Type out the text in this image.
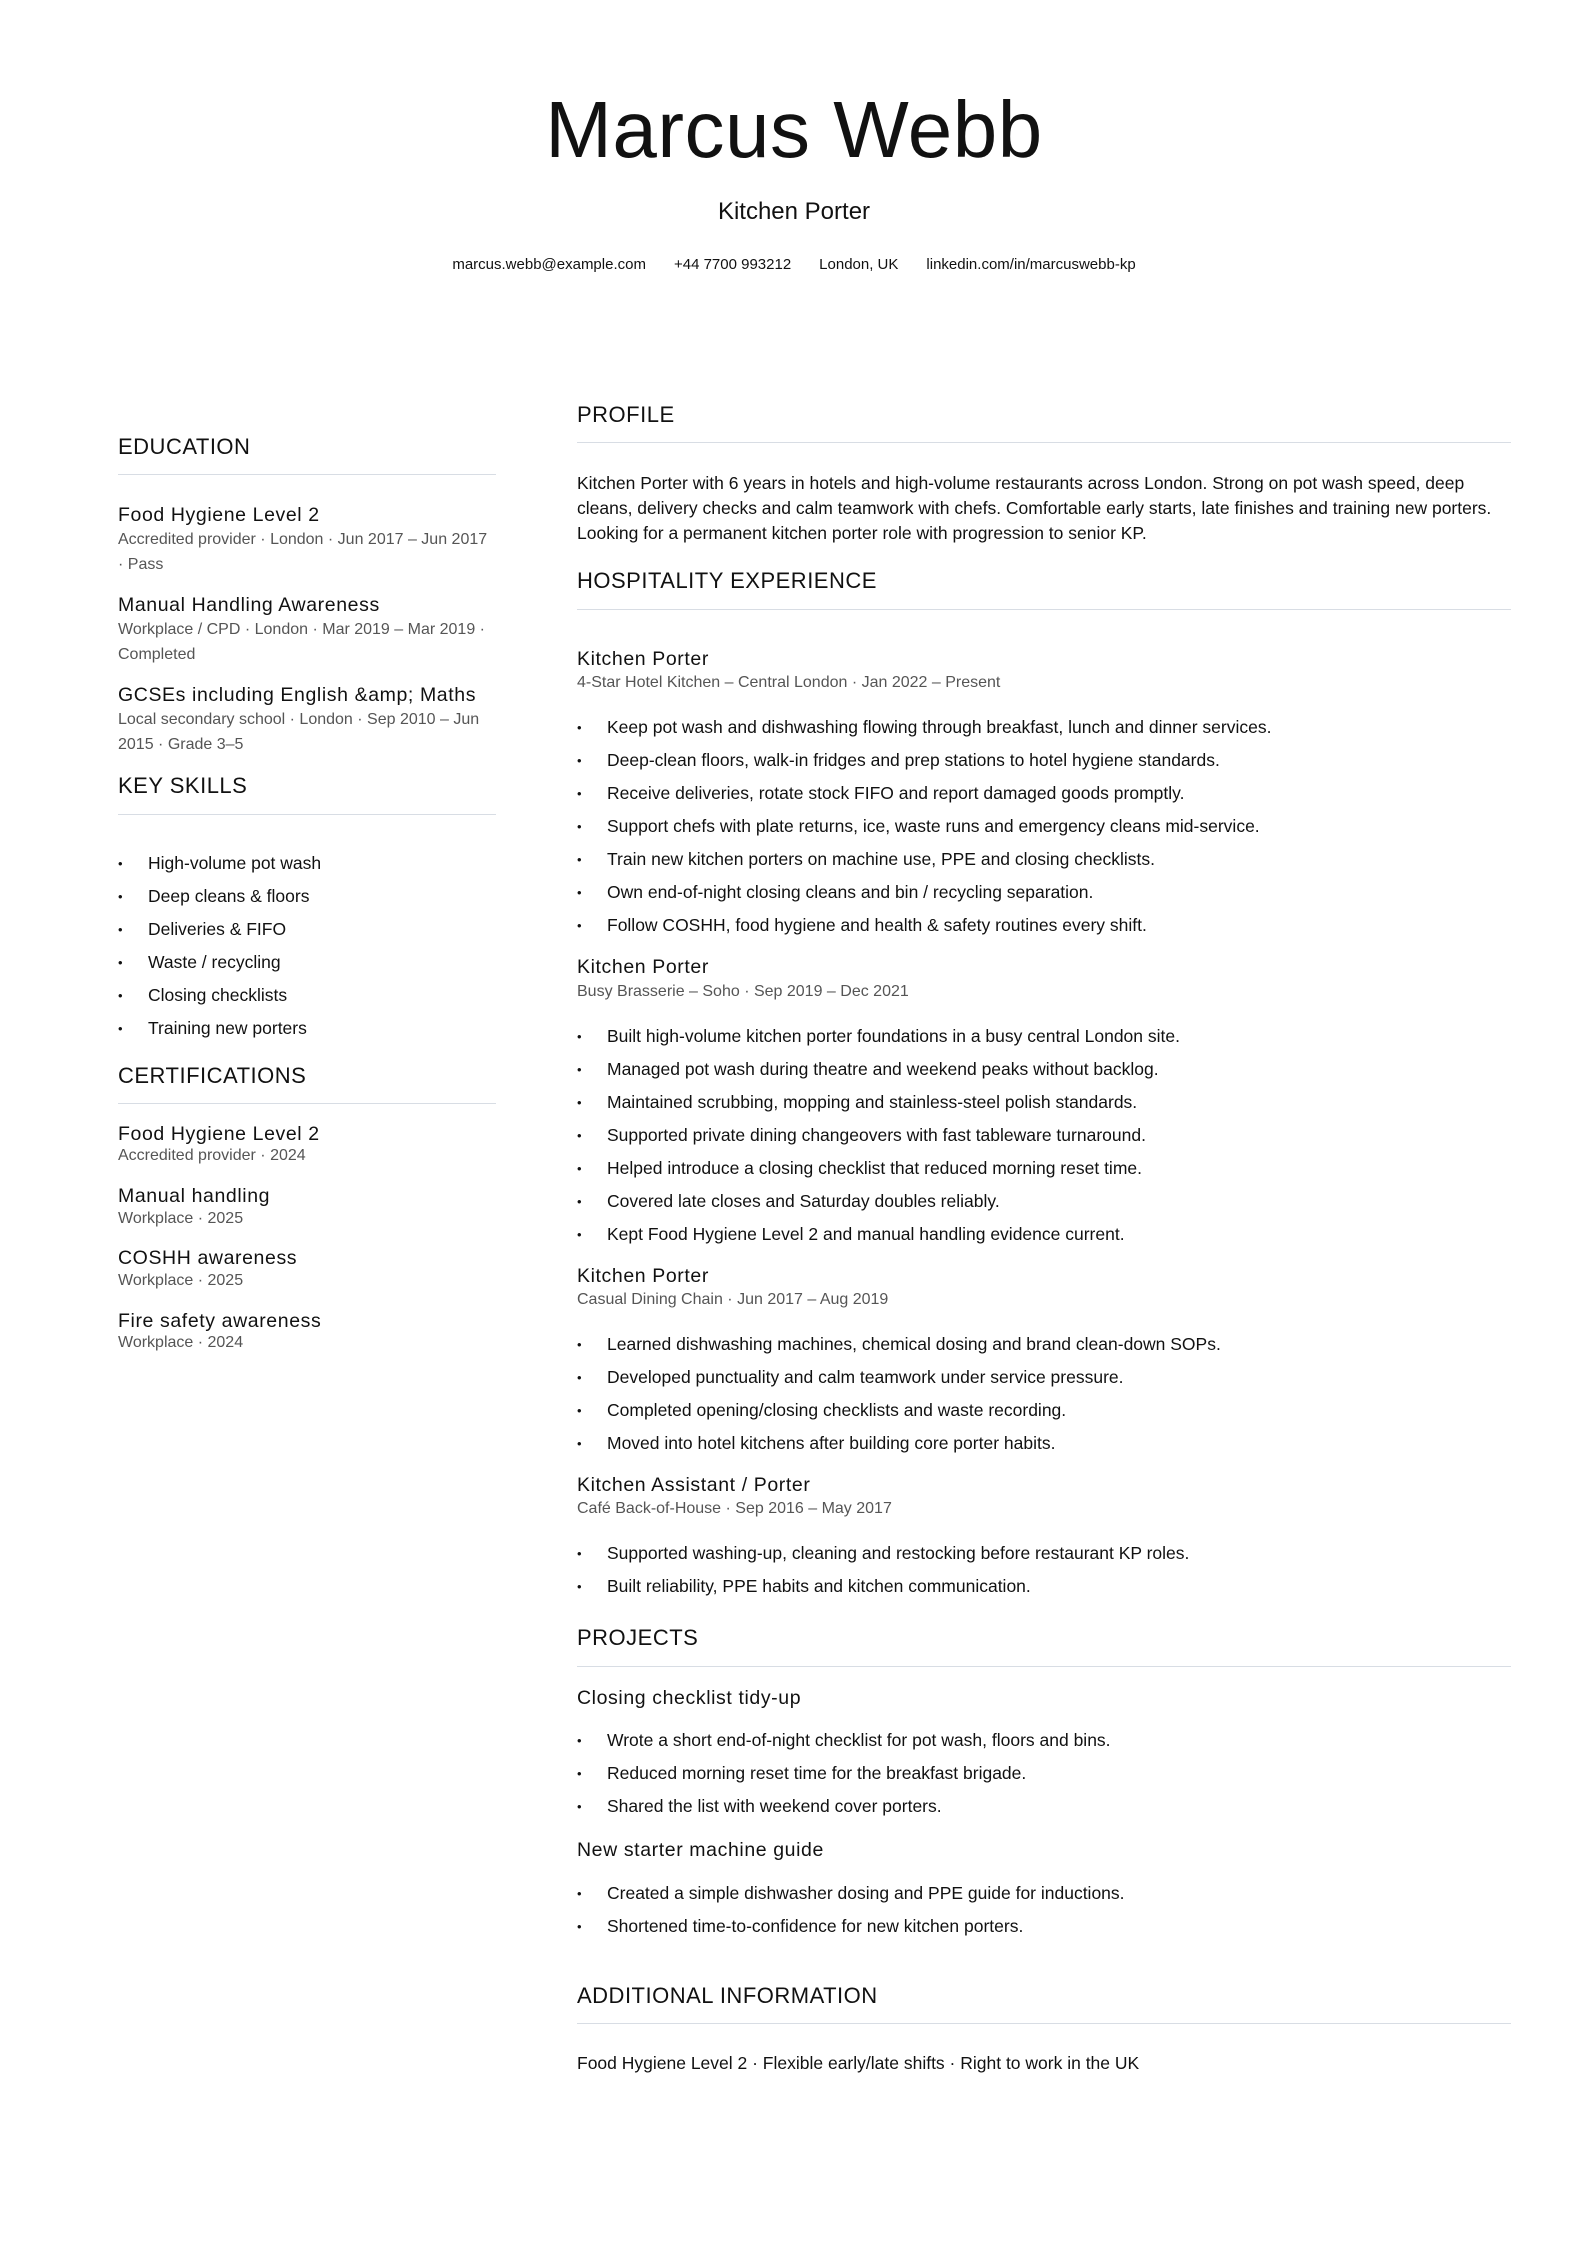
Marcus Webb
Kitchen Porter
marcus.webb@example.com +44 7700 993212 London, UK linkedin.com/in/marcuswebb-kp
EDUCATION
Food Hygiene Level 2
Accredited provider · London · Jun 2017 – Jun 2017 · Pass
Manual Handling Awareness
Workplace / CPD · London · Mar 2019 – Mar 2019 · Completed
GCSEs including English &amp; Maths
Local secondary school · London · Sep 2010 – Jun 2015 · Grade 3–5
KEY SKILLS
• High-volume pot wash
• Deep cleans & floors
• Deliveries & FIFO
• Waste / recycling
• Closing checklists
• Training new porters
CERTIFICATIONS
Food Hygiene Level 2
Accredited provider · 2024
Manual handling
Workplace · 2025
COSHH awareness
Workplace · 2025
Fire safety awareness
Workplace · 2024
PROFILE
Kitchen Porter with 6 years in hotels and high-volume restaurants across London. Strong on pot wash speed, deep cleans, delivery checks and calm teamwork with chefs. Comfortable early starts, late finishes and training new porters. Looking for a permanent kitchen porter role with progression to senior KP.
HOSPITALITY EXPERIENCE
Kitchen Porter
4-Star Hotel Kitchen – Central London · Jan 2022 – Present
• Keep pot wash and dishwashing flowing through breakfast, lunch and dinner services.
• Deep-clean floors, walk-in fridges and prep stations to hotel hygiene standards.
• Receive deliveries, rotate stock FIFO and report damaged goods promptly.
• Support chefs with plate returns, ice, waste runs and emergency cleans mid-service.
• Train new kitchen porters on machine use, PPE and closing checklists.
• Own end-of-night closing cleans and bin / recycling separation.
• Follow COSHH, food hygiene and health & safety routines every shift.
Kitchen Porter
Busy Brasserie – Soho · Sep 2019 – Dec 2021
• Built high-volume kitchen porter foundations in a busy central London site.
• Managed pot wash during theatre and weekend peaks without backlog.
• Maintained scrubbing, mopping and stainless-steel polish standards.
• Supported private dining changeovers with fast tableware turnaround.
• Helped introduce a closing checklist that reduced morning reset time.
• Covered late closes and Saturday doubles reliably.
• Kept Food Hygiene Level 2 and manual handling evidence current.
Kitchen Porter
Casual Dining Chain · Jun 2017 – Aug 2019
• Learned dishwashing machines, chemical dosing and brand clean-down SOPs.
• Developed punctuality and calm teamwork under service pressure.
• Completed opening/closing checklists and waste recording.
• Moved into hotel kitchens after building core porter habits.
Kitchen Assistant / Porter
Café Back-of-House · Sep 2016 – May 2017
• Supported washing-up, cleaning and restocking before restaurant KP roles.
• Built reliability, PPE habits and kitchen communication.
PROJECTS
Closing checklist tidy-up
• Wrote a short end-of-night checklist for pot wash, floors and bins.
• Reduced morning reset time for the breakfast brigade.
• Shared the list with weekend cover porters.
New starter machine guide
• Created a simple dishwasher dosing and PPE guide for inductions.
• Shortened time-to-confidence for new kitchen porters.
ADDITIONAL INFORMATION
Food Hygiene Level 2 · Flexible early/late shifts · Right to work in the UK
